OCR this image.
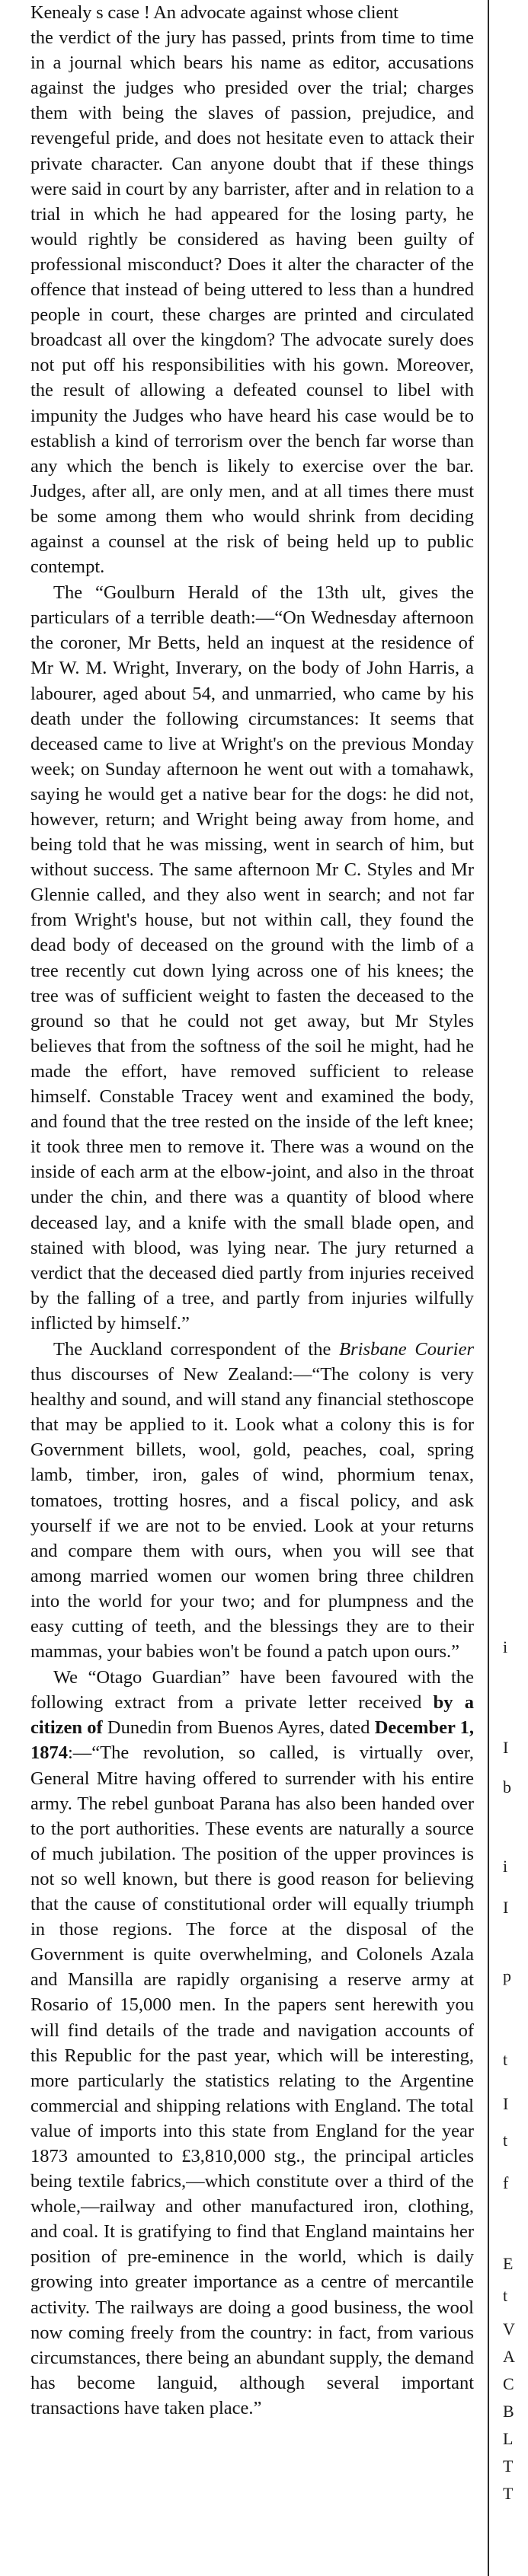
Kenealy s case ! An advocate against whose client

the verdict of the jury has passed, prints from time to time in a journal which bears his name as editor, accusations against the judges who presided over the trial; charges them with being the slaves of passion, prejudice, and revengeful pride, and does not hesitate even to attack their private character. Can anyone doubt that if these things were said in court by any barrister, after and in relation to a trial in which he had appeared for the losing party, he would rightly be considered as having been guilty of professional misconduct? Does it alter the character of the offence that instead of being uttered to less than a hundred people in court, these charges are printed and circulated broadcast all over the kingdom? The advocate surely does not put off his responsibilities with his gown. Moreover, the result of allowing a defeated counsel to libel with impunity the Judges who have heard his case would be to establish a kind of terrorism over the bench far worse than any which the bench is likely to exercise over the bar. Judges, after all, are only men, and at all times there must be some among them who would shrink from deciding against a counsel at the risk of being held up to public contempt.

The “Goulburn Herald of the 13th ult, gives the particulars of a terrible death:—“On Wednesday afternoon the coroner, Mr Betts, held an inquest at the residence of Mr W. M. Wright, Inverary, on the body of John Harris, a labourer, aged about 54, and unmarried, who came by his death under the following circumstances: It seems that deceased came to live at Wright's on the previous Monday week; on Sunday afternoon he went out with a tomahawk, saying he would get a native bear for the dogs: he did not, however, return; and Wright being away from home, and being told that he was missing, went in search of him, but without success. The same afternoon Mr C. Styles and Mr Glennie called, and they also went in search; and not far from Wright's house, but not within call, they found the dead body of deceased on the ground with the limb of a tree recently cut down lying across one of his knees; the tree was of sufficient weight to fasten the deceased to the ground so that he could not get away, but Mr Styles believes that from the softness of the soil he might, had he made the effort, have removed sufficient to release himself. Constable Tracey went and examined the body, and found that the tree rested on the inside of the left knee; it took three men to remove it. There was a wound on the inside of each arm at the elbow-joint, and also in the throat under the chin, and there was a quantity of blood where deceased lay, and a knife with the small blade open, and stained with blood, was lying near. The jury returned a verdict that the deceased died partly from injuries received by the falling of a tree, and partly from injuries wilfully inflicted by himself.”

The Auckland correspondent of the Brisbane Courier thus discourses of New Zealand:—“The colony is very healthy and sound, and will stand any financial stethoscope that may be applied to it. Look what a colony this is for Government billets, wool, gold, peaches, coal, spring lamb, timber, iron, gales of wind, phormium tenax, tomatoes, trotting hosres, and a fiscal policy, and ask yourself if we are not to be envied. Look at your returns and compare them with ours, when you will see that among married women our women bring three children into the world for your two; and for plumpness and the easy cutting of teeth, and the blessings they are to their mammas, your babies won't be found a patch upon ours.”

We “Otago Guardian” have been favoured with the following extract from a private letter received by a citizen of Dunedin from Buenos Ayres, dated December 1, 1874:—“The revolution, so called, is virtually over, General Mitre having offered to surrender with his entire army. The rebel gunboat Parana has also been handed over to the port authorities. These events are naturally a source of much jubilation. The position of the upper provinces is not so well known, but there is good reason for believing that the cause of constitutional order will equally triumph in those regions. The force at the disposal of the Government is quite overwhelming, and Colonels Azala and Mansilla are rapidly organising a reserve army at Rosario of 15,000 men. In the papers sent herewith you will find details of the trade and navigation accounts of this Republic for the past year, which will be interesting, more particularly the statistics relating to the Argentine commercial and shipping relations with England. The total value of imports into this state from England for the year 1873 amounted to £3,810,000 stg., the principal articles being textile fabrics,—which constitute over a third of the whole,—railway and other manufactured iron, clothing, and coal. It is gratifying to find that England maintains her position of pre-eminence in the world, which is daily growing into greater importance as a centre of mercantile activity. The railways are doing a good business, the wool now coming freely from the country: in fact, from various circumstances, there being an abundant supply, the demand has become languid, although several important transactions have taken place.”

i
I
b
i
I
p
t
I
t
f
E
t
V
A
C
B
L
T
T
